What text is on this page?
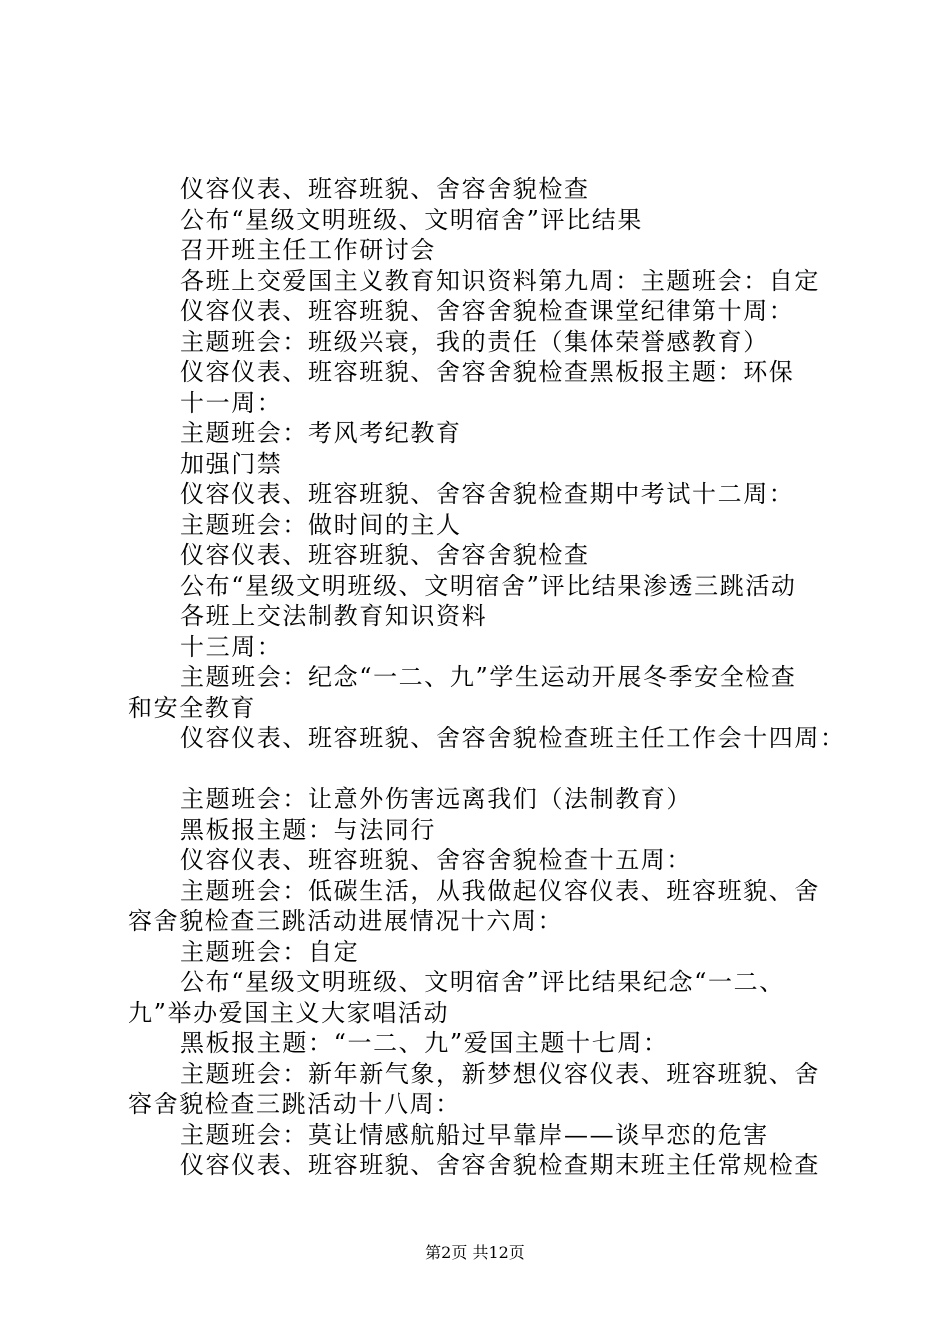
仪容仪表、班容班貌、舍容舍貌检查
公布“星级文明班级、文明宿舍”评比结果
召开班主任工作研讨会
各班上交爱国主义教育知识资料第九周：主题班会：自定
仪容仪表、班容班貌、舍容舍貌检查课堂纪律第十周：
主题班会：班级兴衰，我的责任（集体荣誉感教育）
仪容仪表、班容班貌、舍容舍貌检查黑板报主题：环保
十一周：
主题班会：考风考纪教育
加强门禁
仪容仪表、班容班貌、舍容舍貌检查期中考试十二周：
主题班会：做时间的主人
仪容仪表、班容班貌、舍容舍貌检查
公布“星级文明班级、文明宿舍”评比结果渗透三跳活动
各班上交法制教育知识资料
十三周：
主题班会：纪念“一二、九”学生运动开展冬季安全检查
和安全教育
仪容仪表、班容班貌、舍容舍貌检查班主任工作会十四周：
主题班会：让意外伤害远离我们（法制教育）
黑板报主题：与法同行
仪容仪表、班容班貌、舍容舍貌检查十五周：
主题班会：低碳生活，从我做起仪容仪表、班容班貌、舍
容舍貌检查三跳活动进展情况十六周：
主题班会：自定
公布“星级文明班级、文明宿舍”评比结果纪念“一二、
九”举办爱国主义大家唱活动
黑板报主题：“一二、九”爱国主题十七周：
主题班会：新年新气象，新梦想仪容仪表、班容班貌、舍
容舍貌检查三跳活动十八周：
主题班会：莫让情感航船过早靠岸——谈早恋的危害
仪容仪表、班容班貌、舍容舍貌检查期末班主任常规检查
第2页 共12页
